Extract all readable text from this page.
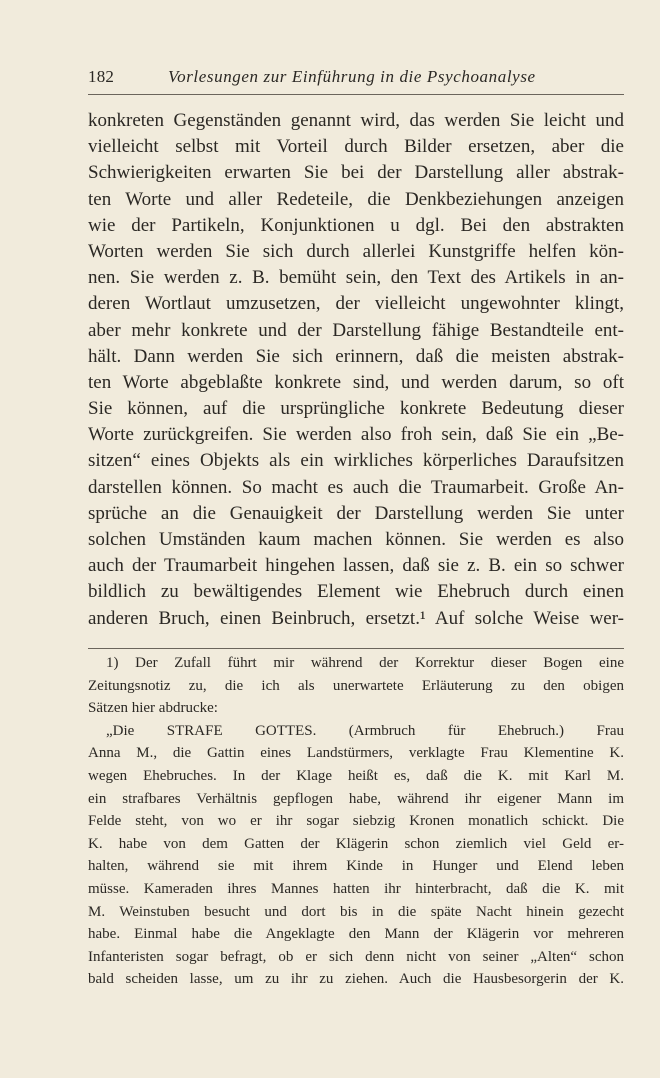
182	Vorlesungen zur Einführung in die Psychoanalyse
konkreten Gegenständen genannt wird, das werden Sie leicht und
vielleicht selbst mit Vorteil durch Bilder ersetzen, aber die
Schwierigkeiten erwarten Sie bei der Darstellung aller abstrak-
ten Worte und aller Redeteile, die Denkbeziehungen anzeigen
wie der Partikeln, Konjunktionen u dgl. Bei den abstrakten
Worten werden Sie sich durch allerlei Kunstgriffe helfen kön-
nen. Sie werden z. B. bemüht sein, den Text des Artikels in an-
deren Wortlaut umzusetzen, der vielleicht ungewohnter klingt,
aber mehr konkrete und der Darstellung fähige Bestandteile ent-
hält. Dann werden Sie sich erinnern, daß die meisten abstrak-
ten Worte abgeblaßte konkrete sind, und werden darum, so oft
Sie können, auf die ursprüngliche konkrete Bedeutung dieser
Worte zurückgreifen. Sie werden also froh sein, daß Sie ein „Be-
sitzen“ eines Objekts als ein wirkliches körperliches Daraufsitzen
darstellen können. So macht es auch die Traumarbeit. Große An-
sprüche an die Genauigkeit der Darstellung werden Sie unter
solchen Umständen kaum machen können. Sie werden es also
auch der Traumarbeit hingehen lassen, daß sie z. B. ein so schwer
bildlich zu bewältigendes Element wie Ehebruch durch einen
anderen Bruch, einen Beinbruch, ersetzt.¹ Auf solche Weise wer-
1) Der Zufall führt mir während der Korrektur dieser Bogen eine
Zeitungsnotiz zu, die ich als unerwartete Erläuterung zu den obigen
Sätzen hier abdrucke:
„Die STRAFE GOTTES. (Armbruch für Ehebruch.) Frau
Anna M., die Gattin eines Landstürmers, verklagte Frau Klementine K.
wegen Ehebruches. In der Klage heißt es, daß die K. mit Karl M.
ein strafbares Verhältnis gepflogen habe, während ihr eigener Mann im
Felde steht, von wo er ihr sogar siebzig Kronen monatlich schickt. Die
K. habe von dem Gatten der Klägerin schon ziemlich viel Geld er-
halten, während sie mit ihrem Kinde in Hunger und Elend leben
müsse. Kameraden ihres Mannes hatten ihr hinterbracht, daß die K. mit
M. Weinstuben besucht und dort bis in die späte Nacht hinein gezecht
habe. Einmal habe die Angeklagte den Mann der Klägerin vor mehreren
Infanteristen sogar befragt, ob er sich denn nicht von seiner „Alten“ schon
bald scheiden lasse, um zu ihr zu ziehen. Auch die Hausbesorgerin der K.
